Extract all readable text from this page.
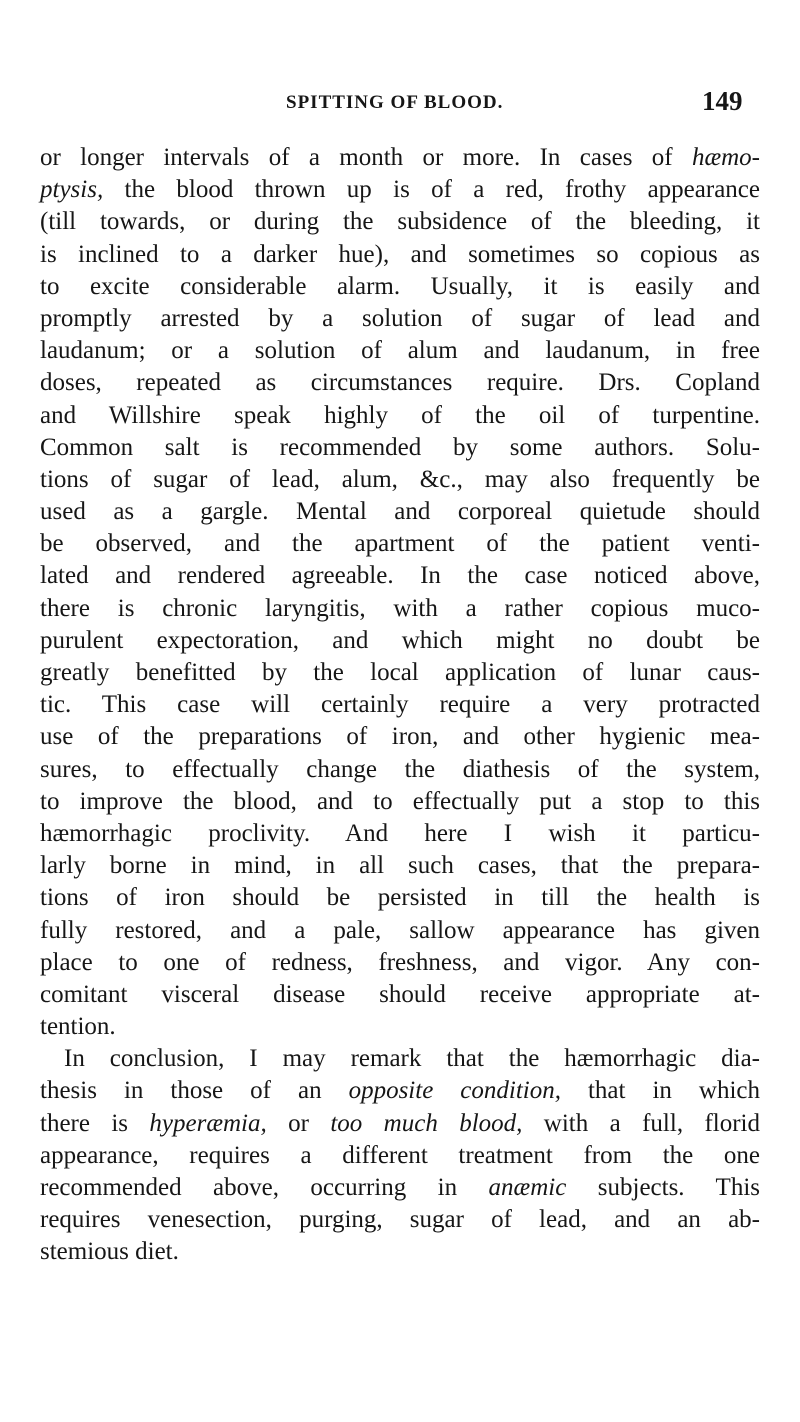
SPITTING OF BLOOD.	149
or longer intervals of a month or more. In cases of hæmo-
ptysis, the blood thrown up is of a red, frothy appearance
(till towards, or during the subsidence of the bleeding, it
is inclined to a darker hue), and sometimes so copious as
to excite considerable alarm. Usually, it is easily and
promptly arrested by a solution of sugar of lead and
laudanum; or a solution of alum and laudanum, in free
doses, repeated as circumstances require. Drs. Copland
and Willshire speak highly of the oil of turpentine.
Common salt is recommended by some authors. Solu-
tions of sugar of lead, alum, &c., may also frequently be
used as a gargle. Mental and corporeal quietude should
be observed, and the apartment of the patient venti-
lated and rendered agreeable. In the case noticed above,
there is chronic laryngitis, with a rather copious muco-
purulent expectoration, and which might no doubt be
greatly benefitted by the local application of lunar caus-
tic. This case will certainly require a very protracted
use of the preparations of iron, and other hygienic mea-
sures, to effectually change the diathesis of the system,
to improve the blood, and to effectually put a stop to this
hæmorrhagic proclivity. And here I wish it particu-
larly borne in mind, in all such cases, that the prepara-
tions of iron should be persisted in till the health is
fully restored, and a pale, sallow appearance has given
place to one of redness, freshness, and vigor. Any con-
comitant visceral disease should receive appropriate at-
tention.
In conclusion, I may remark that the hæmorrhagic dia-
thesis in those of an opposite condition, that in which
there is hyperæmia, or too much blood, with a full, florid
appearance, requires a different treatment from the one
recommended above, occurring in anæmic subjects. This
requires venesection, purging, sugar of lead, and an ab-
stemious diet.
